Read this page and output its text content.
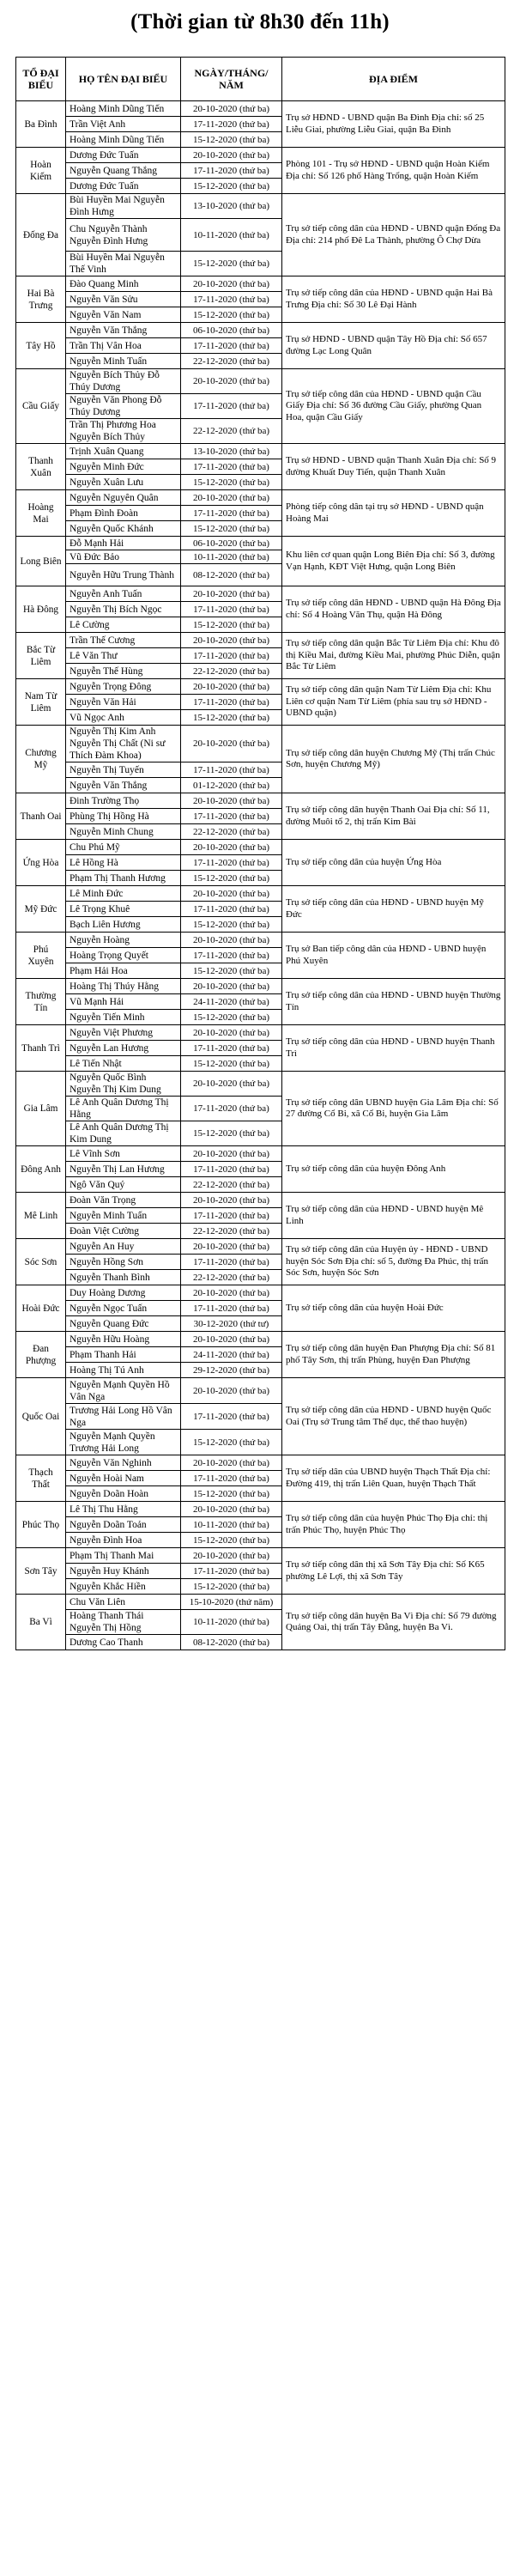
(Thời gian từ 8h30 đến 11h)
TỔ ĐẠI BIỂU	HỌ TÊN ĐẠI BIỂU	NGÀY/THÁNG/ NĂM	ĐỊA ĐIỂM
Ba Đình	Hoàng Minh Dũng Tiến	20-10-2020 (thứ ba)	Trụ sở HĐND - UBND quận Ba Đình Địa chỉ: số 25 Liễu Giai, phường Liễu Giai, quận Ba Đình
	Trần Việt Anh	17-11-2020 (thứ ba)	
	Hoàng Minh Dũng Tiến	15-12-2020 (thứ ba)	
Hoàn Kiếm	Dương Đức Tuấn	20-10-2020 (thứ ba)	Phòng 101 - Trụ sở HĐND - UBND quận Hoàn Kiếm Địa chỉ: Số 126 phố Hàng Trống, quận Hoàn Kiếm
	Nguyễn Quang Thắng	17-11-2020 (thứ ba)	
	Dương Đức Tuấn	15-12-2020 (thứ ba)	
Đống Đa	Bùi Huyền Mai Nguyễn Đình Hưng	13-10-2020 (thứ ba)	Trụ sở tiếp công dân của HĐND - UBND quận Đống Đa Địa chỉ: 214 phố Đê La Thành, phường Ô Chợ Dừa
	Chu Nguyễn Thành Nguyễn Đình Hưng	10-11-2020 (thứ ba)	
	Bùi Huyền Mai Nguyễn Thế Vinh	15-12-2020 (thứ ba)	
Hai Bà Trưng	Đào Quang Minh	20-10-2020 (thứ ba)	Trụ sở tiếp công dân của HĐND - UBND quận Hai Bà Trưng Địa chỉ: Số 30 Lê Đại Hành
	Nguyễn Văn Sửu	17-11-2020 (thứ ba)	
	Nguyễn Văn Nam	15-12-2020 (thứ ba)	
Tây Hồ	Nguyễn Văn Thắng	06-10-2020 (thứ ba)	Trụ sở HĐND - UBND quận Tây Hồ Địa chỉ: Số 657 đường Lạc Long Quân
	Trần Thị Vân Hoa	17-11-2020 (thứ ba)	
	Nguyễn Minh Tuấn	22-12-2020 (thứ ba)	
Cầu Giấy	Nguyễn Bích Thủy Đỗ Thúy Dương	20-10-2020 (thứ ba)	Trụ sở tiếp công dân của HĐND - UBND quận Cầu Giấy Địa chỉ: Số 36 đường Cầu Giấy, phường Quan Hoa, quận Cầu Giấy
	Nguyễn Văn Phong Đỗ Thúy Dương	17-11-2020 (thứ ba)	
	Trần Thị Phương Hoa Nguyễn Bích Thủy	22-12-2020 (thứ ba)	
Thanh Xuân	Trịnh Xuân Quang	13-10-2020 (thứ ba)	Trụ sở HĐND - UBND quận Thanh Xuân Địa chỉ: Số 9 đường Khuất Duy Tiến, quận Thanh Xuân
	Nguyễn Minh Đức	17-11-2020 (thứ ba)	
	Nguyễn Xuân Lưu	15-12-2020 (thứ ba)	
Hoàng Mai	Nguyễn Nguyên Quân	20-10-2020 (thứ ba)	Phòng tiếp công dân tại trụ sở HĐND - UBND quận Hoàng Mai
	Phạm Đình Đoàn	17-11-2020 (thứ ba)	
	Nguyễn Quốc Khánh	15-12-2020 (thứ ba)	
Long Biên	Đỗ Mạnh Hải	06-10-2020 (thứ ba)	Khu liên cơ quan quận Long Biên Địa chỉ: Số 3, đường Vạn Hạnh, KĐT Việt Hưng, quận Long Biên
	Vũ Đức Bảo	10-11-2020 (thứ ba)	
	Nguyễn Hữu Trung Thành	08-12-2020 (thứ ba)	
Hà Đông	Nguyễn Anh Tuấn	20-10-2020 (thứ ba)	Trụ sở tiếp công dân HĐND - UBND quận Hà Đông Địa chỉ: Số 4 Hoàng Văn Thụ, quận Hà Đông
	Nguyễn Thị Bích Ngọc	17-11-2020 (thứ ba)	
	Lê Cường	15-12-2020 (thứ ba)	
Bắc Từ Liêm	Trần Thế Cương	20-10-2020 (thứ ba)	Trụ sở tiếp công dân quận Bắc Từ Liêm Địa chỉ: Khu đô thị Kiều Mai, đường Kiều Mai, phường Phúc Diễn, quận Bắc Từ Liêm
	Lê Văn Thư	17-11-2020 (thứ ba)	
	Nguyễn Thế Hùng	22-12-2020 (thứ ba)	
Nam Từ Liêm	Nguyễn Trọng Đông	20-10-2020 (thứ ba)	Trụ sở tiếp công dân quận Nam Từ Liêm Địa chỉ: Khu Liên cơ quận Nam Từ Liêm (phía sau trụ sở HĐND - UBND quận)
	Nguyễn Văn Hải	17-11-2020 (thứ ba)	
	Vũ Ngọc Anh	15-12-2020 (thứ ba)	
Chương Mỹ	Nguyễn Thị Kim Anh Nguyễn Thị Chất (Ni sư Thích Đàm Khoa)	20-10-2020 (thứ ba)	Trụ sở tiếp công dân huyện Chương Mỹ (Thị trấn Chúc Sơn, huyện Chương Mỹ)
	Nguyễn Thị Tuyến	17-11-2020 (thứ ba)	
	Nguyễn Văn Thắng	01-12-2020 (thứ ba)	
Thanh Oai	Đinh Trường Thọ	20-10-2020 (thứ ba)	Trụ sở tiếp công dân huyện Thanh Oai Địa chỉ: Số 11, đường Muôi tổ 2, thị trấn Kim Bài
	Phùng Thị Hồng Hà	17-11-2020 (thứ ba)	
	Nguyễn Minh Chung	22-12-2020 (thứ ba)	
Ứng Hòa	Chu Phú Mỹ	20-10-2020 (thứ ba)	Trụ sở tiếp công dân của huyện Ứng Hòa
	Lê Hồng Hà	17-11-2020 (thứ ba)	
	Phạm Thị Thanh Hương	15-12-2020 (thứ ba)	
Mỹ Đức	Lê Minh Đức	20-10-2020 (thứ ba)	Trụ sở tiếp công dân của HĐND - UBND huyện Mỹ Đức
	Lê Trọng Khuê	17-11-2020 (thứ ba)	
	Bạch Liên Hương	15-12-2020 (thứ ba)	
Phú Xuyên	Nguyễn Hoàng	20-10-2020 (thứ ba)	Trụ sở Ban tiếp công dân của HĐND - UBND huyện Phú Xuyên
	Hoàng Trọng Quyết	17-11-2020 (thứ ba)	
	Phạm Hải Hoa	15-12-2020 (thứ ba)	
Thường Tín	Hoàng Thị Thúy Hằng	20-10-2020 (thứ ba)	Trụ sở tiếp công dân của HĐND - UBND huyện Thường Tín
	Vũ Mạnh Hải	24-11-2020 (thứ ba)	
	Nguyễn Tiến Minh	15-12-2020 (thứ ba)	
Thanh Trì	Nguyễn Việt Phương	20-10-2020 (thứ ba)	Trụ sở tiếp công dân của HĐND - UBND huyện Thanh Trì
	Nguyễn Lan Hương	17-11-2020 (thứ ba)	
	Lê Tiến Nhật	15-12-2020 (thứ ba)	
Gia Lâm	Nguyễn Quốc Bình Nguyễn Thị Kim Dung	20-10-2020 (thứ ba)	Trụ sở tiếp công dân UBND huyện Gia Lâm Địa chỉ: Số 27 đường Cổ Bi, xã Cổ Bi, huyện Gia Lâm
	Lê Anh Quân Dương Thị Hằng	17-11-2020 (thứ ba)	
	Lê Anh Quân Dương Thị Kim Dung	15-12-2020 (thứ ba)	
Đông Anh	Lê Vĩnh Sơn	20-10-2020 (thứ ba)	Trụ sở tiếp công dân của huyện Đông Anh
	Nguyễn Thị Lan Hương	17-11-2020 (thứ ba)	
	Ngô Văn Quý	22-12-2020 (thứ ba)	
Mê Linh	Đoàn Văn Trọng	20-10-2020 (thứ ba)	Trụ sở tiếp công dân của HĐND - UBND huyện Mê Linh
	Nguyễn Minh Tuấn	17-11-2020 (thứ ba)	
	Đoàn Việt Cường	22-12-2020 (thứ ba)	
Sóc Sơn	Nguyễn An Huy	20-10-2020 (thứ ba)	Trụ sở tiếp công dân của Huyện ủy - HĐND - UBND huyện Sóc Sơn Địa chỉ: số 5, đường Đa Phúc, thị trấn Sóc Sơn, huyện Sóc Sơn
	Nguyễn Hồng Sơn	17-11-2020 (thứ ba)	
	Nguyễn Thanh Bình	22-12-2020 (thứ ba)	
Hoài Đức	Duy Hoàng Dương	20-10-2020 (thứ ba)	Trụ sở tiếp công dân của huyện Hoài Đức
	Nguyễn Ngọc Tuấn	17-11-2020 (thứ ba)	
	Nguyễn Quang Đức	30-12-2020 (thứ tư)	
Đan Phượng	Nguyễn Hữu Hoàng	20-10-2020 (thứ ba)	Trụ sở tiếp công dân huyện Đan Phượng Địa chỉ: Số 81 phố Tây Sơn, thị trấn Phùng, huyện Đan Phượng
	Phạm Thanh Hải	24-11-2020 (thứ ba)	
	Hoàng Thị Tú Anh	29-12-2020 (thứ ba)	
Quốc Oai	Nguyễn Mạnh Quyền Hồ Vân Nga	20-10-2020 (thứ ba)	Trụ sở tiếp công dân của HĐND - UBND huyện Quốc Oai (Trụ sở Trung tâm Thể dục, thể thao huyện)
	Trương Hải Long Hồ Vân Nga	17-11-2020 (thứ ba)	
	Nguyễn Mạnh Quyền Trương Hải Long	15-12-2020 (thứ ba)	
Thạch Thất	Nguyễn Văn Nghinh	20-10-2020 (thứ ba)	Trụ sở tiếp dân của UBND huyện Thạch Thất Địa chỉ: Đường 419, thị trấn Liên Quan, huyện Thạch Thất
	Nguyễn Hoài Nam	17-11-2020 (thứ ba)	
	Nguyễn Doãn Hoàn	15-12-2020 (thứ ba)	
Phúc Thọ	Lê Thị Thu Hằng	20-10-2020 (thứ ba)	Trụ sở tiếp công dân của huyện Phúc Thọ Địa chỉ: thị trấn Phúc Thọ, huyện Phúc Thọ
	Nguyễn Doãn Toản	10-11-2020 (thứ ba)	
	Nguyễn Đình Hoa	15-12-2020 (thứ ba)	
Sơn Tây	Phạm Thị Thanh Mai	20-10-2020 (thứ ba)	Trụ sở tiếp công dân thị xã Sơn Tây Địa chỉ: Số K65 phường Lê Lợi, thị xã Sơn Tây
	Nguyễn Huy Khánh	17-11-2020 (thứ ba)	
	Nguyễn Khắc Hiền	15-12-2020 (thứ ba)	
Ba Vì	Chu Văn Liên	15-10-2020 (thứ năm)	Trụ sở tiếp công dân huyện Ba Vì Địa chỉ: Số 79 đường Quảng Oai, thị trấn Tây Đằng, huyện Ba Vì.
	Hoàng Thanh Thái Nguyễn Thị Hồng	10-11-2020 (thứ ba)	
	Dương Cao Thanh	08-12-2020 (thứ ba)	
